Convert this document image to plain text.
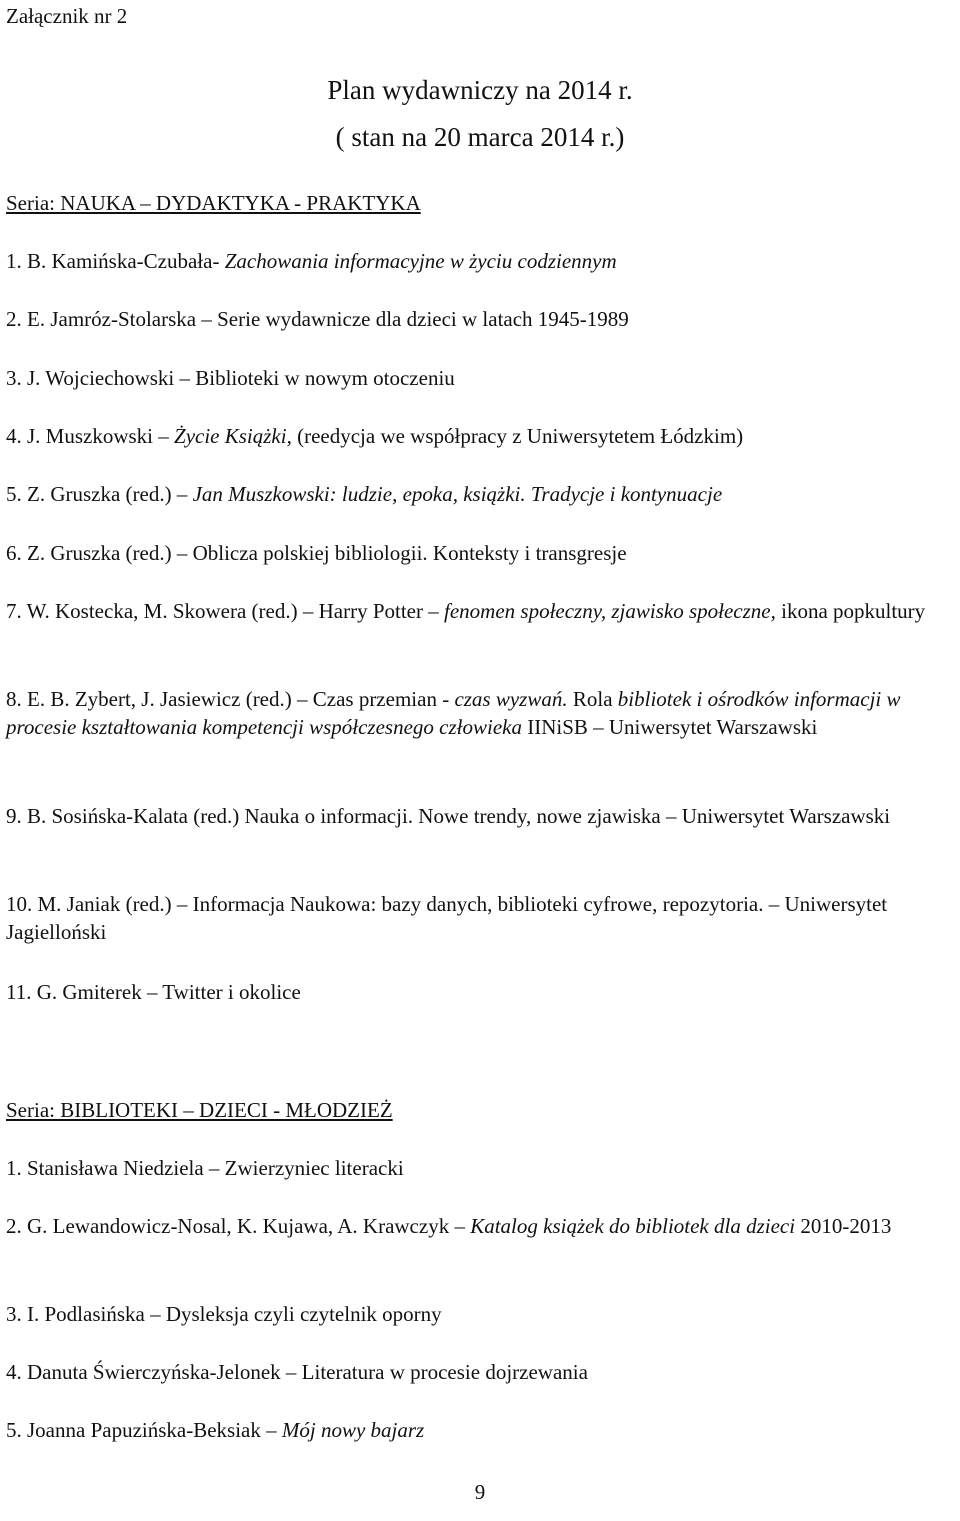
Załącznik nr 2
Plan wydawniczy na 2014 r.
( stan na 20 marca 2014 r.)
Seria: NAUKA – DYDAKTYKA - PRAKTYKA
1. B. Kamińska-Czubała- Zachowania informacyjne w życiu codziennym
2. E. Jamróz-Stolarska – Serie wydawnicze dla dzieci w latach 1945-1989
3. J. Wojciechowski – Biblioteki w nowym otoczeniu
4. J. Muszkowski – Życie Książki, (reedycja we współpracy z Uniwersytetem Łódzkim)
5. Z. Gruszka (red.) – Jan Muszkowski: ludzie, epoka, książki. Tradycje i kontynuacje
6. Z. Gruszka (red.) – Oblicza polskiej bibliologii. Konteksty i transgresje
7. W. Kostecka, M. Skowera (red.) – Harry Potter – fenomen społeczny, zjawisko społeczne, ikona popkultury
8. E. B. Zybert, J. Jasiewicz (red.) – Czas przemian - czas wyzwań. Rola bibliotek i ośrodków informacji w procesie kształtowania kompetencji współczesnego człowieka IINiSB – Uniwersytet Warszawski
9. B. Sosińska-Kalata (red.) Nauka o informacji. Nowe trendy, nowe zjawiska – Uniwersytet Warszawski
10. M. Janiak (red.) – Informacja Naukowa: bazy danych, biblioteki cyfrowe, repozytoria. – Uniwersytet Jagielloński
11. G. Gmiterek – Twitter i okolice
Seria: BIBLIOTEKI – DZIECI - MŁODZIEŻ
1. Stanisława Niedziela – Zwierzyniec literacki
2. G. Lewandowicz-Nosal, K. Kujawa, A. Krawczyk – Katalog książek do bibliotek dla dzieci 2010-2013
3. I. Podlasińska – Dysleksja czyli czytelnik oporny
4. Danuta Świerczyńska-Jelonek – Literatura w procesie dojrzewania
5. Joanna Papuzińska-Beksiak – Mój nowy bajarz
9
